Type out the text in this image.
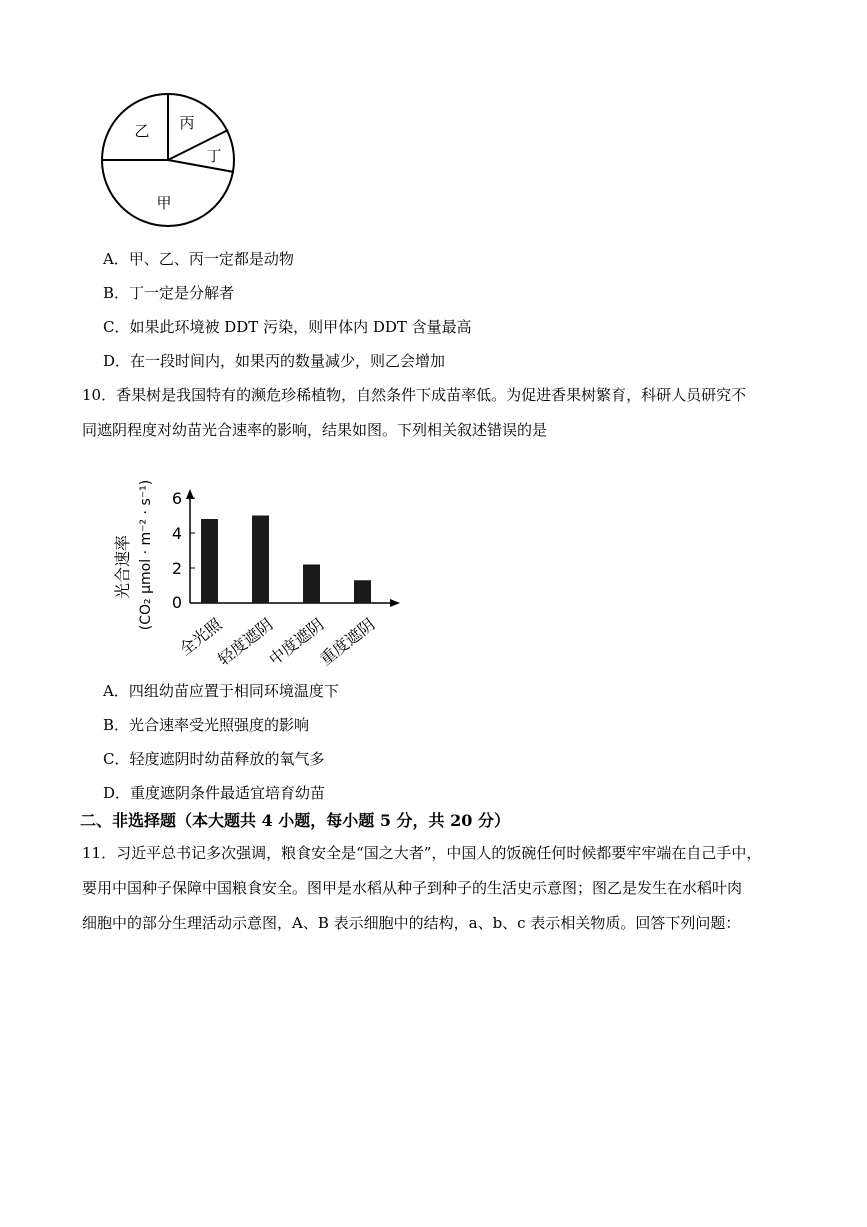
乙 丙
丁
甲
A．甲、乙、丙一定都是动物
B．丁一定是分解者
C．如果此环境被 DDT 污染，则甲体内 DDT 含量最高
D．在一段时间内，如果丙的数量减少，则乙会增加
10．香果树是我国特有的濒危珍稀植物，自然条件下成苗率低。为促进香果树繁育，科研人员研究不
同遮阴程度对幼苗光合速率的影响，结果如图。下列相关叙述错误的是
光合速率 (CO₂ μmol · m⁻² · s⁻¹) 0
2
4
6
全光照
轻度遮阴
中度遮阴
重度遮阴
A．四组幼苗应置于相同环境温度下
B．光合速率受光照强度的影响
C．轻度遮阴时幼苗释放的氧气多
D．重度遮阴条件最适宜培育幼苗
二、非选择题（本大题共 4 小题，每小题 5 分，共 20 分）
11．习近平总书记多次强调，粮食安全是“国之大者”，中国人的饭碗任何时候都要牢牢端在自己手中，
要用中国种子保障中国粮食安全。图甲是水稻从种子到种子的生活史示意图；图乙是发生在水稻叶肉
细胞中的部分生理活动示意图，A、B 表示细胞中的结构，a、b、c 表示相关物质。回答下列问题：
